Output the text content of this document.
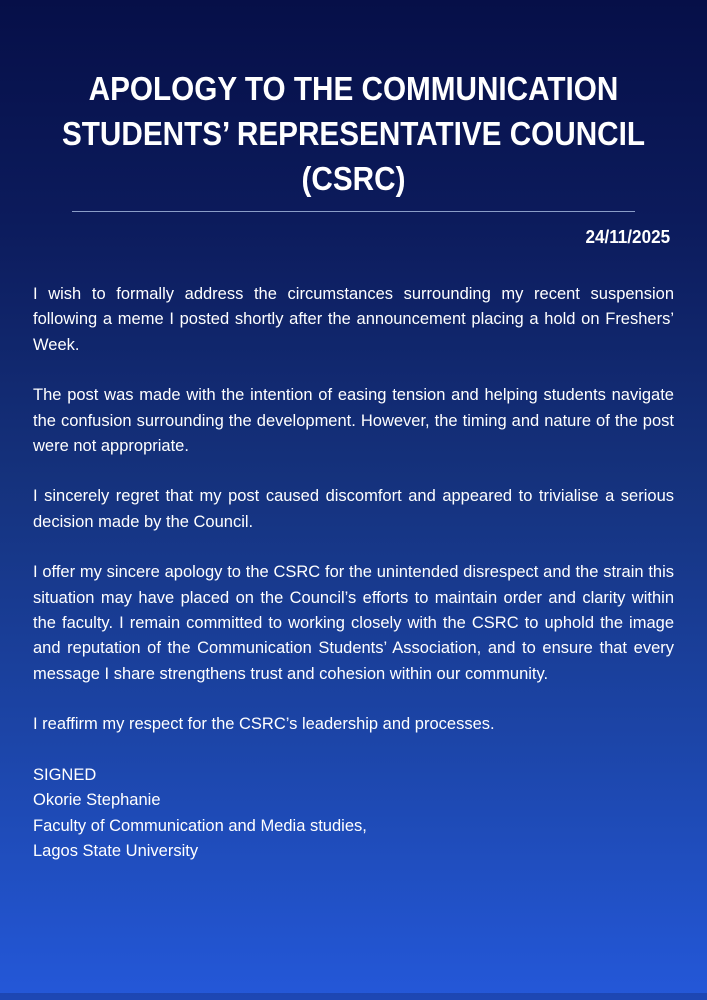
APOLOGY TO THE COMMUNICATION
STUDENTS’ REPRESENTATIVE COUNCIL
(CSRC)
24/11/2025

I wish to formally address the circumstances surrounding my recent suspension following a meme I posted shortly after the announcement placing a hold on Freshers’ Week.

The post was made with the intention of easing tension and helping students navigate the confusion surrounding the development. However, the timing and nature of the post were not appropriate.

I sincerely regret that my post caused discomfort and appeared to trivialise a serious decision made by the Council.

I offer my sincere apology to the CSRC for the unintended disrespect and the strain this situation may have placed on the Council’s efforts to maintain order and clarity within the faculty. I remain committed to working closely with the CSRC to uphold the image and reputation of the Communication Students’ Association, and to ensure that every message I share strengthens trust and cohesion within our community.

I reaffirm my respect for the CSRC’s leadership and processes.

SIGNED
Okorie Stephanie
Faculty of Communication and Media studies,
Lagos State University
